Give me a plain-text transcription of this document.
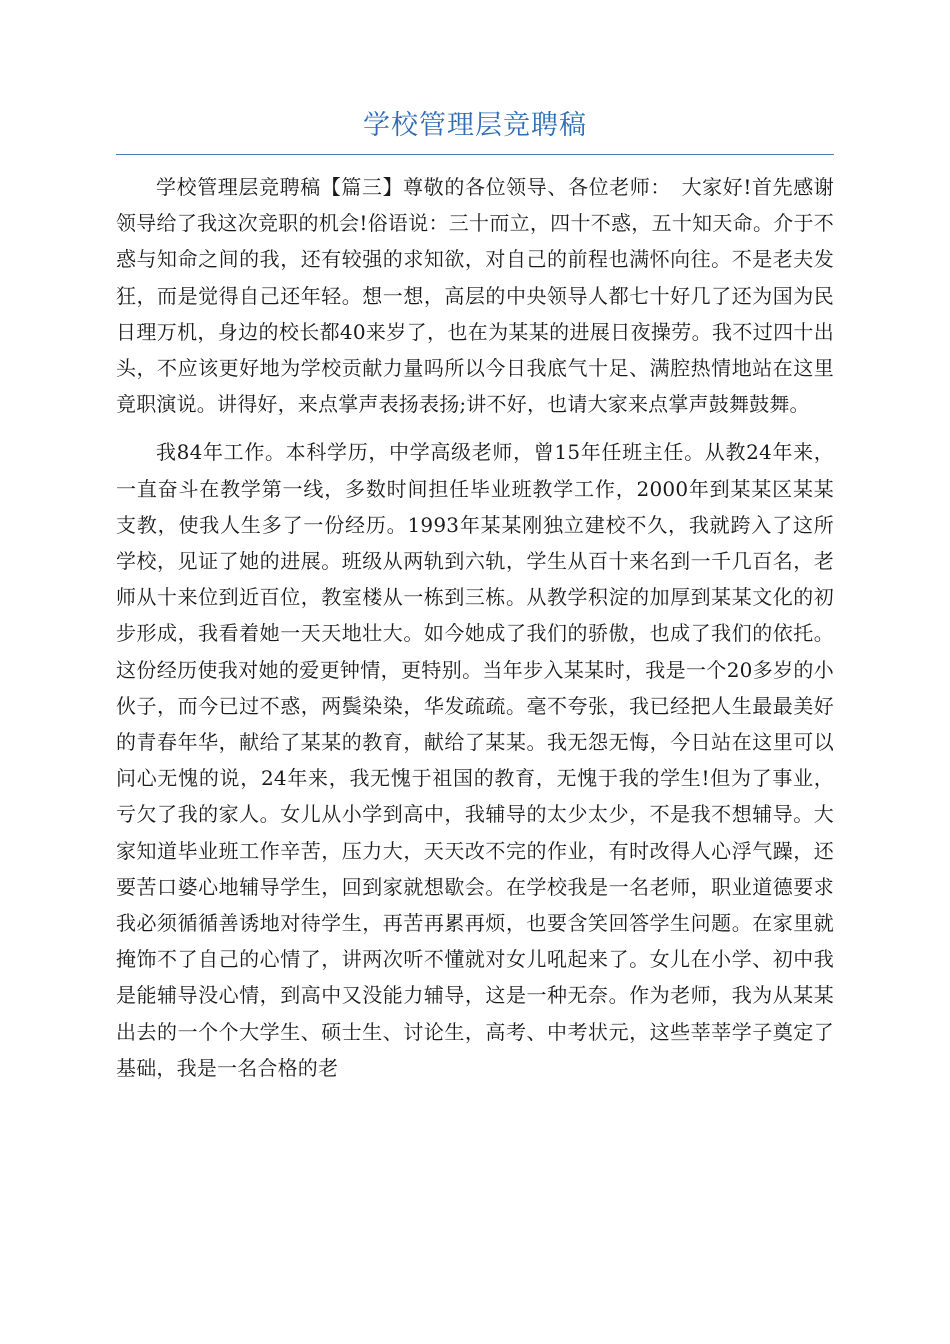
学校管理层竞聘稿

学校管理层竞聘稿【篇三】尊敬的各位领导、各位老师：　大家好!首先感谢领导给了我这次竞职的机会!俗语说：三十而立，四十不惑，五十知天命。介于不惑与知命之间的我，还有较强的求知欲，对自己的前程也满怀向往。不是老夫发狂，而是觉得自己还年轻。想一想，高层的中央领导人都七十好几了还为国为民日理万机，身边的校长都40来岁了，也在为某某的进展日夜操劳。我不过四十出头，不应该更好地为学校贡献力量吗所以今日我底气十足、满腔热情地站在这里竟职演说。讲得好，来点掌声表扬表扬;讲不好，也请大家来点掌声鼓舞鼓舞。

我84年工作。本科学历，中学高级老师，曾15年任班主任。从教24年来，一直奋斗在教学第一线，多数时间担任毕业班教学工作，2000年到某某区某某支教，使我人生多了一份经历。1993年某某刚独立建校不久，我就跨入了这所学校，见证了她的进展。班级从两轨到六轨，学生从百十来名到一千几百名，老师从十来位到近百位，教室楼从一栋到三栋。从教学积淀的加厚到某某文化的初步形成，我看着她一天天地壮大。如今她成了我们的骄傲，也成了我们的依托。这份经历使我对她的爱更钟情，更特别。当年步入某某时，我是一个20多岁的小伙子，而今已过不惑，两鬓染染，华发疏疏。毫不夸张，我已经把人生最最美好的青春年华，献给了某某的教育，献给了某某。我无怨无悔，今日站在这里可以问心无愧的说，24年来，我无愧于祖国的教育，无愧于我的学生!但为了事业，亏欠了我的家人。女儿从小学到高中，我辅导的太少太少，不是我不想辅导。大家知道毕业班工作辛苦，压力大，天天改不完的作业，有时改得人心浮气躁，还要苦口婆心地辅导学生，回到家就想歇会。在学校我是一名老师，职业道德要求我必须循循善诱地对待学生，再苦再累再烦，也要含笑回答学生问题。在家里就掩饰不了自己的心情了，讲两次听不懂就对女儿吼起来了。女儿在小学、初中我是能辅导没心情，到高中又没能力辅导，这是一种无奈。作为老师，我为从某某出去的一个个大学生、硕士生、讨论生，高考、中考状元，这些莘莘学子奠定了基础，我是一名合格的老
